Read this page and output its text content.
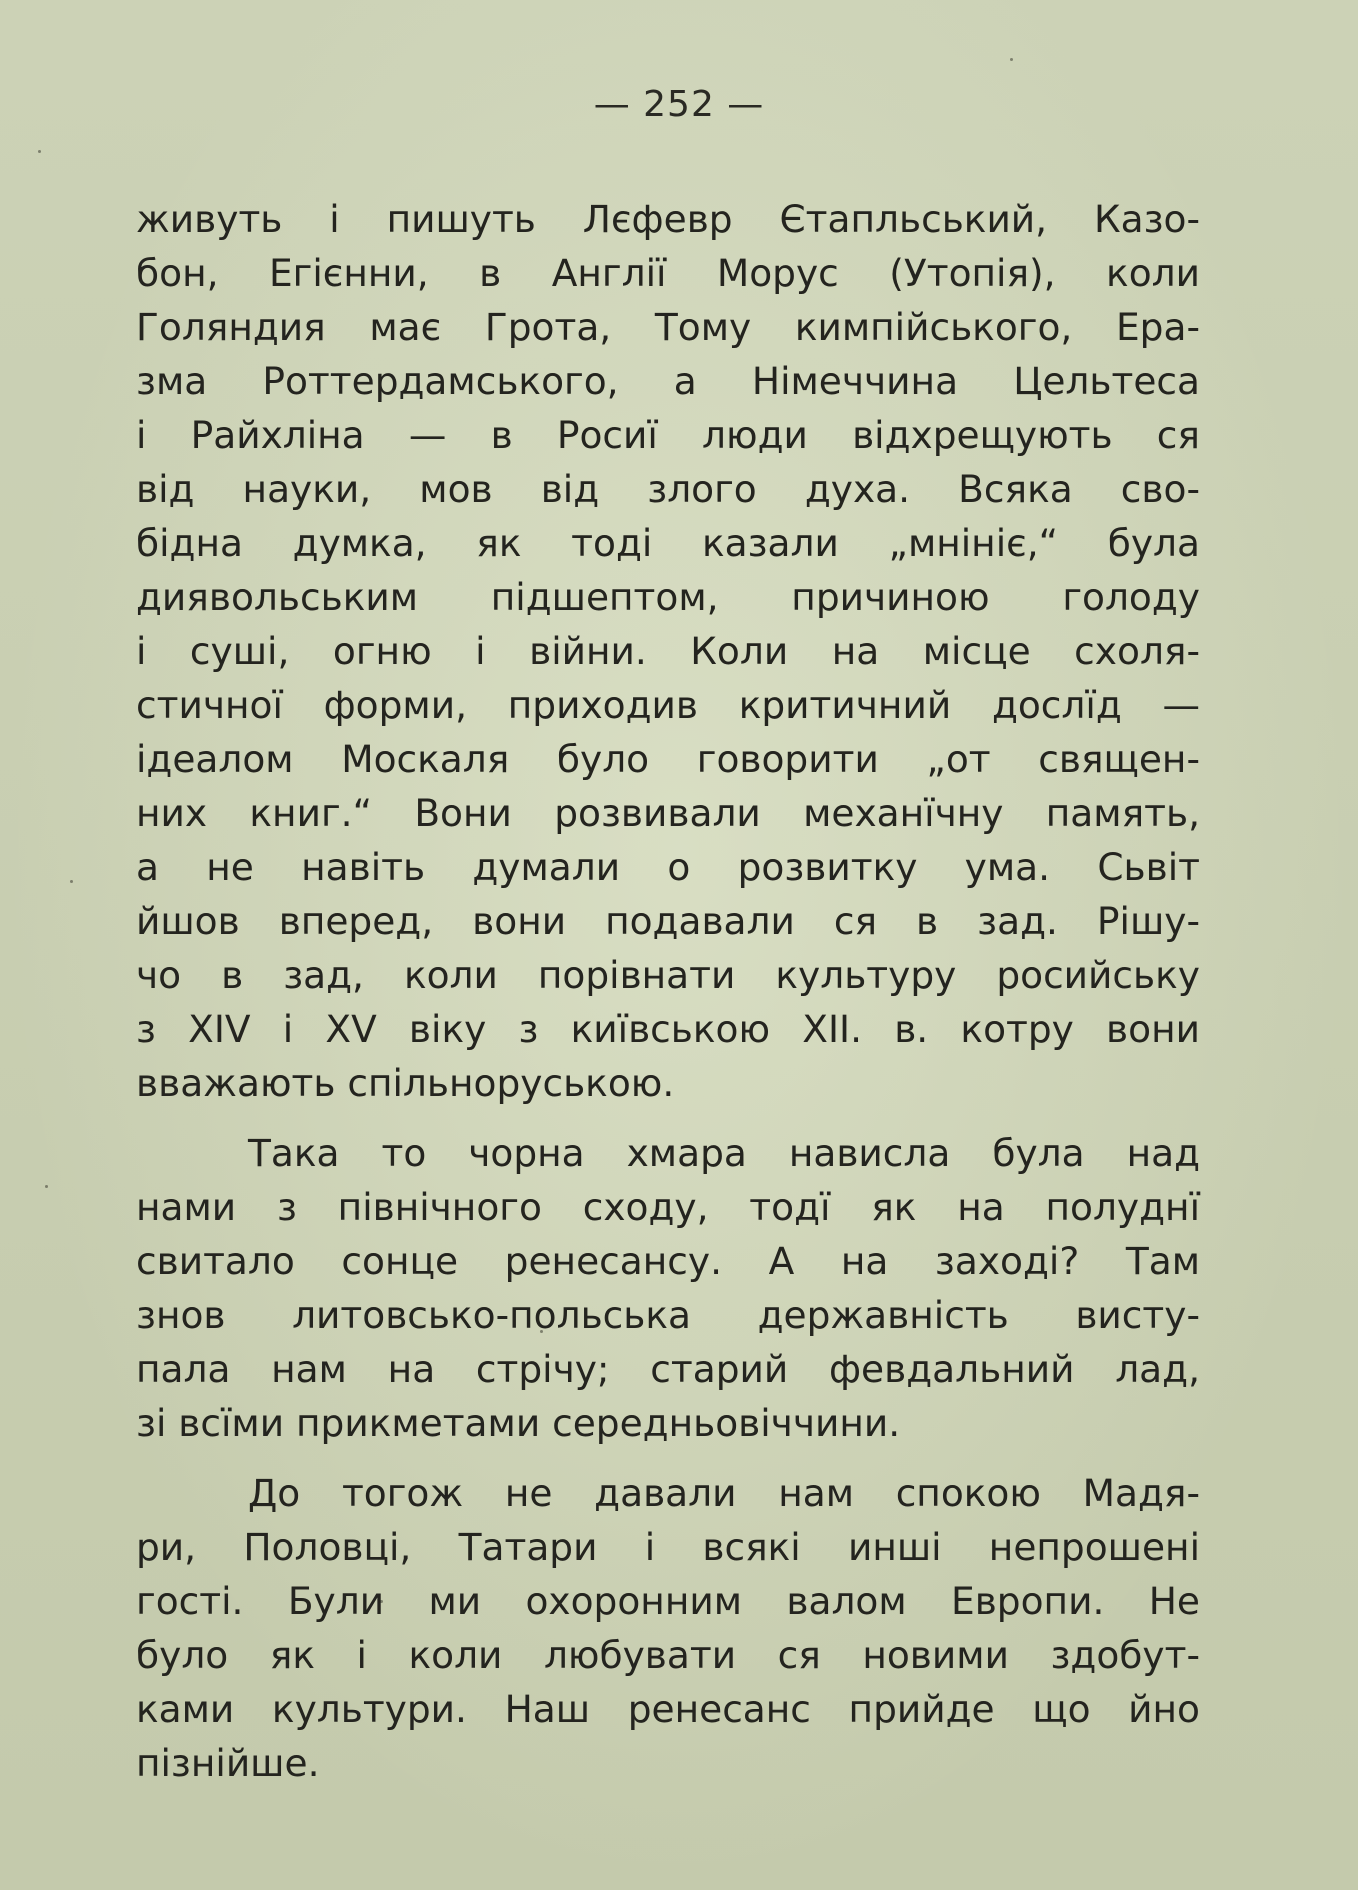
— 252 —
живуть і пишуть Лєфевр Єтапльський, Казо-
бон, Егієнни, в Англії Морус (Утопія), коли
Голяндия має Грота, Тому кимпійського, Ера-
зма Роттердамського, а Німеччина Цельтеса
і Райхліна — в Росиї люди відхрещують ся
від науки, мов від злого духа. Всяка сво-
бідна думка, як тоді казали „мнініє,“ була
диявольським підшептом, причиною голоду
і суші, огню і війни. Коли на місце схоля-
стичної форми, приходив критичний дослїд —
ідеалом Москаля було говорити „от священ-
них книг.“ Вони розвивали механїчну память,
а не навіть думали о розвитку ума. Сьвіт
йшов вперед, вони подавали ся в зад. Рішу-
чо в зад, коли порівнати культуру росийську
з XIV і XV віку з київською XII. в. котру вони
вважають спільноруською.
Така то чорна хмара нависла була над
нами з північного сходу, тодї як на полуднї
свитало сонце ренесансу. А на заході? Там
знов литовсько-польська державність висту-
пала нам на стрічу; старий февдальний лад,
зі всїми прикметами середньовіччини.
До тогож не давали нам спокою Мадя-
ри, Половці, Татари і всякі инші непрошені
гості. Були ми охоронним валом Европи. Не
було як і коли любувати ся новими здобут-
ками культури. Наш ренесанс прийде що йно
пізнійше.
